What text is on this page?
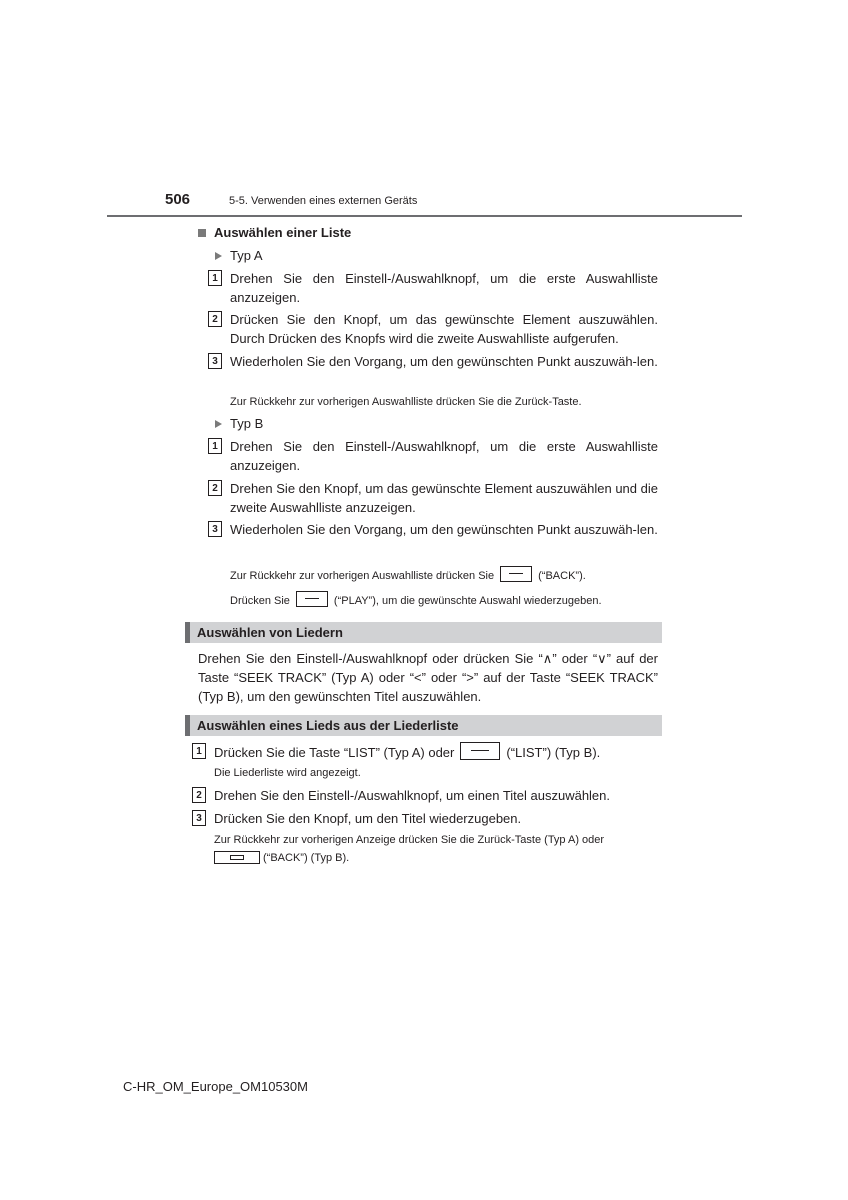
506	5-5. Verwenden eines externen Geräts
Auswählen einer Liste
Typ A
1 Drehen Sie den Einstell-/Auswahlknopf, um die erste Auswahlliste anzuzeigen.
2 Drücken Sie den Knopf, um das gewünschte Element auszuwählen. Durch Drücken des Knopfs wird die zweite Auswahlliste aufgerufen.
3 Wiederholen Sie den Vorgang, um den gewünschten Punkt auszuwäh-len.
Zur Rückkehr zur vorherigen Auswahlliste drücken Sie die Zurück-Taste.
Typ B
1 Drehen Sie den Einstell-/Auswahlknopf, um die erste Auswahlliste anzuzeigen.
2 Drehen Sie den Knopf, um das gewünschte Element auszuwählen und die zweite Auswahlliste anzuzeigen.
3 Wiederholen Sie den Vorgang, um den gewünschten Punkt auszuwäh-len.
Zur Rückkehr zur vorherigen Auswahlliste drücken Sie	(“BACK”).
Drücken Sie	(“PLAY”), um die gewünschte Auswahl wiederzugeben.
Auswählen von Liedern
Drehen Sie den Einstell-/Auswahlknopf oder drücken Sie “∧” oder “∨” auf der Taste “SEEK TRACK” (Typ A) oder “<” oder “>” auf der Taste “SEEK TRACK” (Typ B), um den gewünschten Titel auszuwählen.
Auswählen eines Lieds aus der Liederliste
1 Drücken Sie die Taste “LIST” (Typ A) oder	(“LIST”) (Typ B).
Die Liederliste wird angezeigt.
2 Drehen Sie den Einstell-/Auswahlknopf, um einen Titel auszuwählen.
3 Drücken Sie den Knopf, um den Titel wiederzugeben.
Zur Rückkehr zur vorherigen Anzeige drücken Sie die Zurück-Taste (Typ A) oder
(“BACK”) (Typ B).
C-HR_OM_Europe_OM10530M
